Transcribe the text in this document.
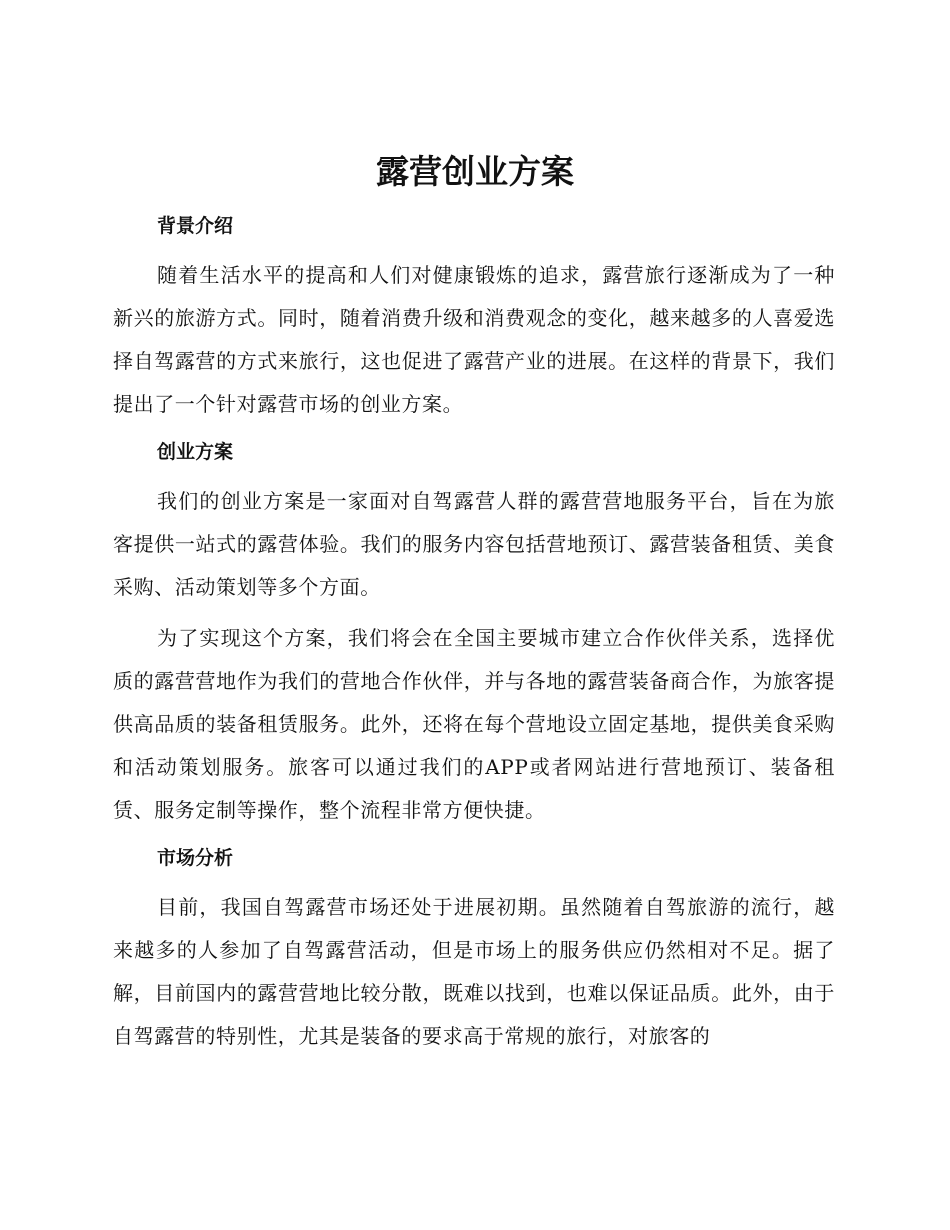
露营创业方案
背景介绍

随着生活水平的提高和人们对健康锻炼的追求，露营旅行逐渐成为了一种新兴的旅游方式。同时，随着消费升级和消费观念的变化，越来越多的人喜爱选择自驾露营的方式来旅行，这也促进了露营产业的进展。在这样的背景下，我们提出了一个针对露营市场的创业方案。

创业方案

我们的创业方案是一家面对自驾露营人群的露营营地服务平台，旨在为旅客提供一站式的露营体验。我们的服务内容包括营地预订、露营装备租赁、美食采购、活动策划等多个方面。

为了实现这个方案，我们将会在全国主要城市建立合作伙伴关系，选择优质的露营营地作为我们的营地合作伙伴，并与各地的露营装备商合作，为旅客提供高品质的装备租赁服务。此外，还将在每个营地设立固定基地，提供美食采购和活动策划服务。旅客可以通过我们的APP或者网站进行营地预订、装备租赁、服务定制等操作，整个流程非常方便快捷。

市场分析

目前，我国自驾露营市场还处于进展初期。虽然随着自驾旅游的流行，越来越多的人参加了自驾露营活动，但是市场上的服务供应仍然相对不足。据了解，目前国内的露营营地比较分散，既难以找到，也难以保证品质。此外，由于自驾露营的特别性，尤其是装备的要求高于常规的旅行，对旅客的
